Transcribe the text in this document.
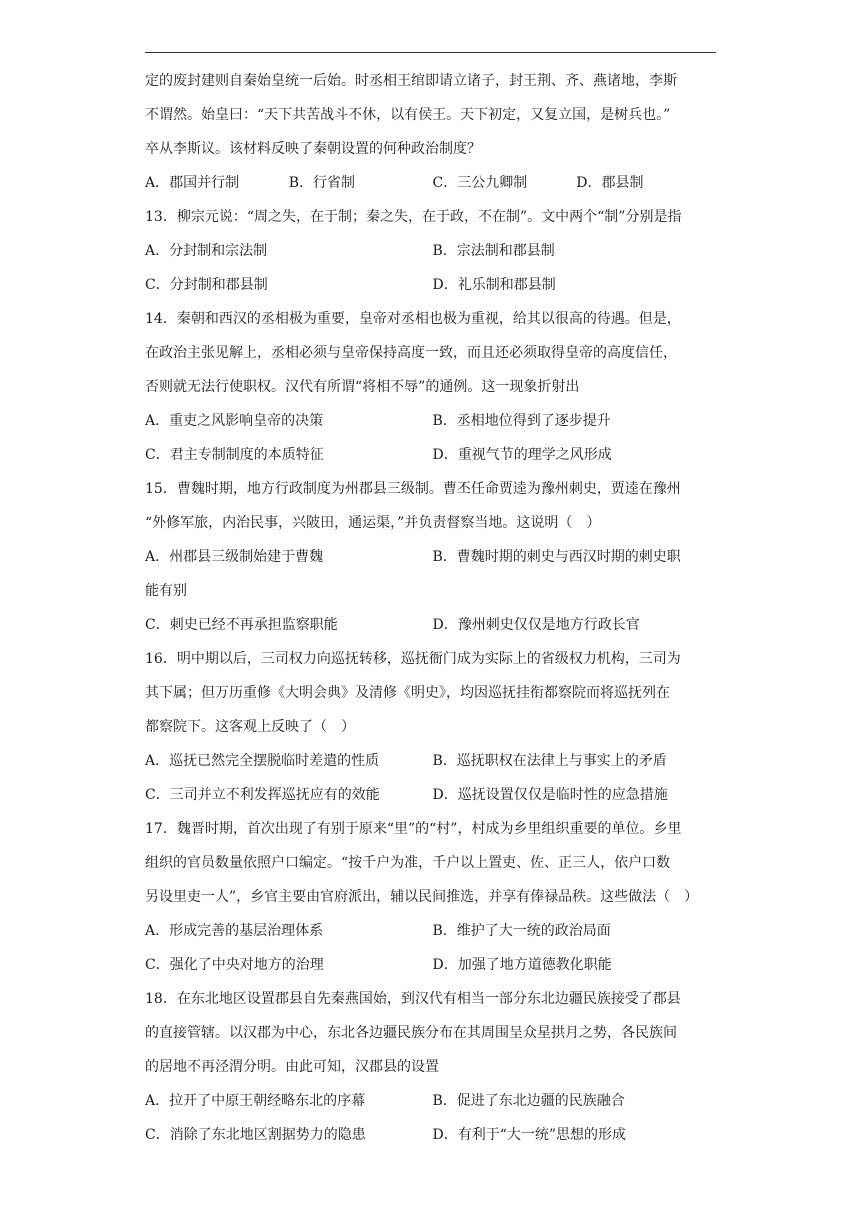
定的废封建则自秦始皇统一后始。时丞相王绾即请立诸子，封王荆、齐、燕诸地，李斯
不谓然。始皇曰：“天下共苦战斗不休，以有侯王。天下初定，又复立国，是树兵也。”
卒从李斯议。该材料反映了秦朝设置的何种政治制度？
A．郡国并行制	B．行省制	C．三公九卿制	D．郡县制
13．柳宗元说：“周之失，在于制；秦之失，在于政，不在制”。文中两个“制”分别是指
A．分封制和宗法制	B．宗法制和郡县制
C．分封制和郡县制	D．礼乐制和郡县制
14．秦朝和西汉的丞相极为重要，皇帝对丞相也极为重视，给其以很高的待遇。但是，
在政治主张见解上，丞相必须与皇帝保持高度一致，而且还必须取得皇帝的高度信任，
否则就无法行使职权。汉代有所谓“将相不辱”的通例。这一现象折射出
A．重吏之风影响皇帝的决策	B．丞相地位得到了逐步提升
C．君主专制制度的本质特征	D．重视气节的理学之风形成
15．曹魏时期，地方行政制度为州郡县三级制。曹丕任命贾逵为豫州刺史，贾逵在豫州
“外修军旅，内治民事，兴陂田，通运渠，”并负责督察当地。这说明（　）
A．州郡县三级制始建于曹魏	B．曹魏时期的刺史与西汉时期的刺史职
能有别
C．刺史已经不再承担监察职能	D．豫州刺史仅仅是地方行政长官
16．明中期以后，三司权力向巡抚转移，巡抚衙门成为实际上的省级权力机构，三司为
其下属；但万历重修《大明会典》及清修《明史》，均因巡抚挂衔都察院而将巡抚列在
都察院下。这客观上反映了（　）
A．巡抚已然完全摆脱临时差遣的性质	B．巡抚职权在法律上与事实上的矛盾
C．三司并立不利发挥巡抚应有的效能	D．巡抚设置仅仅是临时性的应急措施
17．魏晋时期，首次出现了有别于原来“里”的“村”，村成为乡里组织重要的单位。乡里
组织的官员数量依照户口编定。“按千户为准，千户以上置吏、佐、正三人，依户口数
另设里吏一人”，乡官主要由官府派出，辅以民间推选，并享有俸禄品秩。这些做法（　）
A．形成完善的基层治理体系	B．维护了大一统的政治局面
C．强化了中央对地方的治理	D．加强了地方道德教化职能
18．在东北地区设置郡县自先秦燕国始，到汉代有相当一部分东北边疆民族接受了郡县
的直接管辖。以汉郡为中心，东北各边疆民族分布在其周围呈众星拱月之势，各民族间
的居地不再泾渭分明。由此可知，汉郡县的设置
A．拉开了中原王朝经略东北的序幕	B．促进了东北边疆的民族融合
C．消除了东北地区割据势力的隐患	D．有利于“大一统”思想的形成
